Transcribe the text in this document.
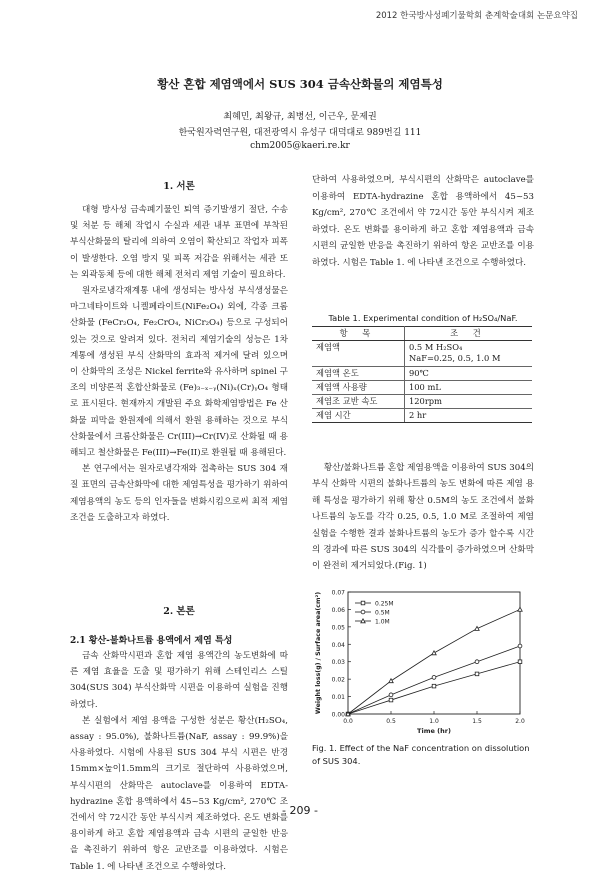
2012 한국방사성폐기물학회 춘계학술대회 논문요약집
황산 혼합 제염액에서 SUS 304 금속산화물의 제염특성
최혜민, 최왕규, 최병선, 이근우, 문제권
한국원자력연구원, 대전광역시 유성구 대덕대로 989번길 111
chm2005@kaeri.re.kr
1. 서론

대형 방사성 금속폐기물인 퇴역 증기발생기 절단, 수송 및 처분 등 해체 작업시 수실과 세관 내부 표면에 부착된 부식산화물의 탈리에 의하여 오염이 확산되고 작업자 피폭이 발생한다. 오염 방지 및 피폭 저감을 위해서는 세관 또는 외곽동체 등에 대한 해체 전처리 제염 기술이 필요하다.

원자로냉각재계통 내에 생성되는 방사성 부식생성물은 마그네타이트와 니켈페라이트(NiFe₂O₄) 외에, 각종 크롬산화물 (FeCr₂O₄, Fe₂CrO₄, NiCr₂O₄) 등으로 구성되어 있는 것으로 알려져 있다. 전처리 제염기술의 성능은 1차 계통에 생성된 부식 산화막의 효과적 제거에 달려 있으며 이 산화막의 조성은 Nickel ferrite와 유사하며 spinel 구조의 비양론적 혼합산화물로 (Fe)₃₋ₓ₋ᵧ(Ni)ₓ(Cr)ᵧO₄ 형태로 표시된다. 현재까지 개발된 주요 화학제염방법은 Fe 산화물 피막을 환원제에 의해서 환원 용해하는 것으로 부식 산화물에서 크롬산화물은 Cr(III)→Cr(IV)로 산화될 때 용해되고 철산화물은 Fe(III)→Fe(II)로 환원될 때 용해된다.

본 연구에서는 원자로냉각재와 접촉하는 SUS 304 재질 표면의 금속산화막에 대한 제염특성을 평가하기 위하여 제염용액의 농도 등의 인자들을 변화시킴으로써 최적 제염 조건을 도출하고자 하였다.

2. 본론
2.1 황산-불화나트륨 용액에서 제염 특성

금속 산화막시편과 혼합 제염 용액간의 농도변화에 따른 제염 효율을 도출 및 평가하기 위해 스테인리스 스틸 304(SUS 304) 부식산화막 시편을 이용하여 실험을 진행하였다.

본 실험에서 제염 용액을 구성한 성분은 황산(H₂SO₄, assay : 95.0%), 불화나트륨(NaF, assay : 99.9%)을 사용하였다. 시험에 사용된 SUS 304 부식 시편은 반경 15mm×높이1.5mm의 크기로 절단하여 사용하였으며, 부식시편의 산화막은 autoclave를 이용하여 EDTA-hydrazine 혼합 용액하에서 45~53 Kg/cm², 270℃ 조건에서 약 72시간 동안 부식시켜 제조하였다. 온도 변화를 용이하게 하고 혼합 제염용액과 금속 시편의 균일한 반응을 촉진하기 위하여 항온 교반조를 이용하였다. 시험은 Table 1. 에 나타낸 조건으로 수행하였다.

단하여 사용하였으며, 부식시편의 산화막은 autoclave를 이용하여 EDTA-hydrazine 혼합 용액하에서 45~53 Kg/cm², 270℃ 조건에서 약 72시간 동안 부식시켜 제조하였다. 온도 변화를 용이하게 하고 혼합 제염용액과 금속 시편의 균일한 반응을 촉진하기 위하여 항온 교반조를 이용하였다. 시험은 Table 1. 에 나타낸 조건으로 수행하였다.

Table 1. Experimental condition of H₂SO₄/NaF.
항 목	조 건
제염액	0.5 M H₂SO₄
NaF=0.25, 0.5, 1.0 M
제염액 온도	90℃
제염액 사용량	100 mL
제염조 교반 속도	120rpm
제염 시간	2 hr

황산/불화나트륨 혼합 제염용액을 이용하여 SUS 304의 부식 산화막 시편의 불화나트륨의 농도 변화에 따른 제염 용해 특성을 평가하기 위해 황산 0.5M의 농도 조건에서 불화나트륨의 농도를 각각 0.25, 0.5, 1.0 M로 조절하여 제염실험을 수행한 결과 불화나트륨의 농도가 증가 할수록 시간의 경과에 따른 SUS 304의 식각률이 증가하였으며 산화막이 완전히 제거되었다.(Fig. 1)

0.00
0.01
0.02
0.03
0.04
0.05
0.06
0.07
0.0	0.5	1.0	1.5	2.0
Time (hr)
Weight loss(g) / Surface area(cm²)	0.25M
0.5M
1.0M
Fig. 1. Effect of the NaF concentration on dissolution of SUS 304.
- 209 -
